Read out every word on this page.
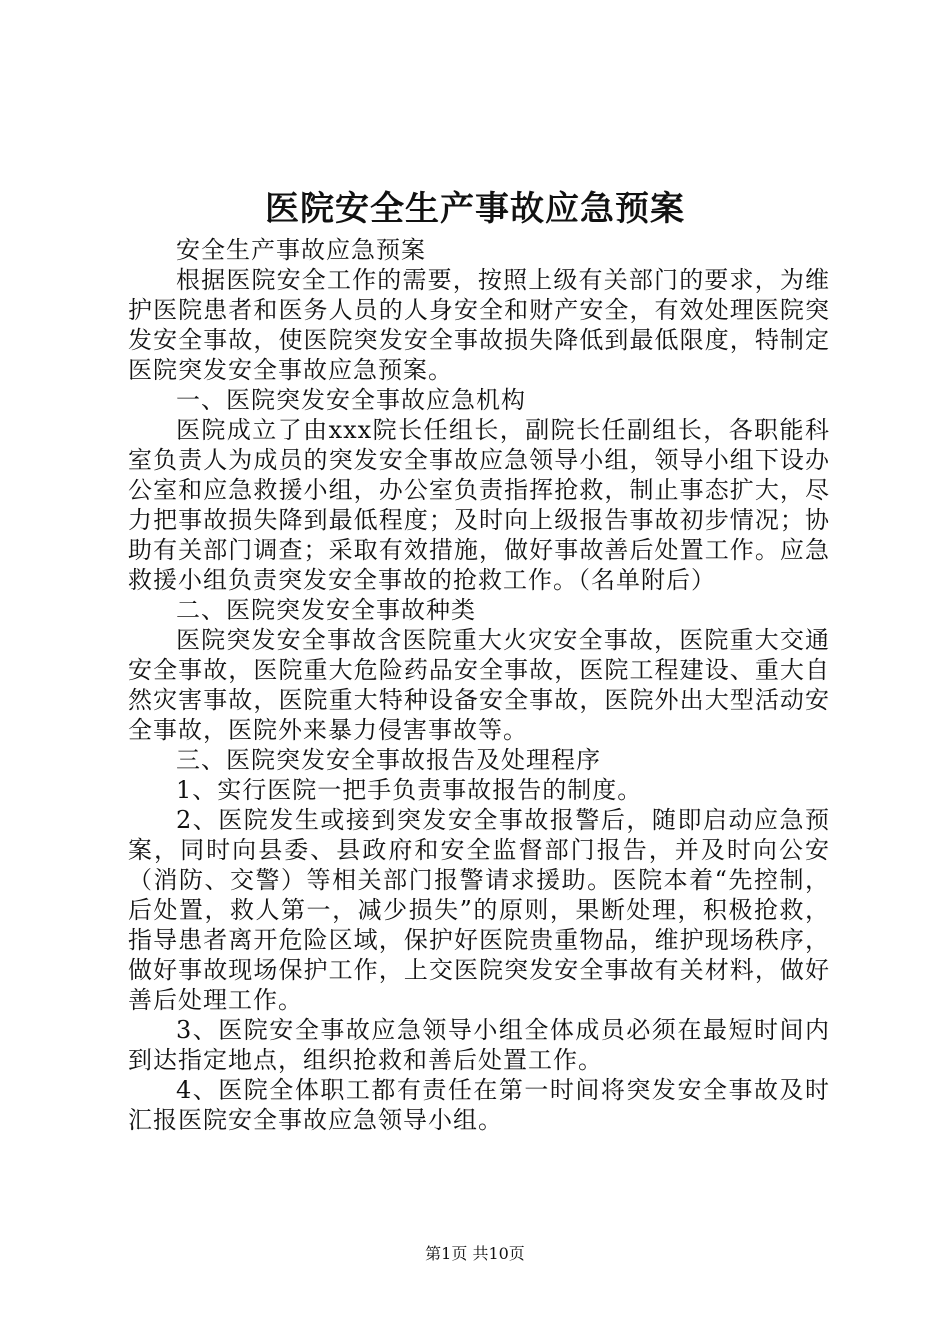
医院安全生产事故应急预案

安全生产事故应急预案

根据医院安全工作的需要，按照上级有关部门的要求，为维护医院患者和医务人员的人身安全和财产安全，有效处理医院突发安全事故，使医院突发安全事故损失降低到最低限度，特制定医院突发安全事故应急预案。

一、医院突发安全事故应急机构

医院成立了由xxx院长任组长，副院长任副组长，各职能科室负责人为成员的突发安全事故应急领导小组，领导小组下设办公室和应急救援小组，办公室负责指挥抢救，制止事态扩大，尽力把事故损失降到最低程度；及时向上级报告事故初步情况；协助有关部门调查；采取有效措施，做好事故善后处置工作。应急救援小组负责突发安全事故的抢救工作。（名单附后）

二、医院突发安全事故种类

医院突发安全事故含医院重大火灾安全事故，医院重大交通安全事故，医院重大危险药品安全事故，医院工程建设、重大自然灾害事故，医院重大特种设备安全事故，医院外出大型活动安全事故，医院外来暴力侵害事故等。

三、医院突发安全事故报告及处理程序

1、实行医院一把手负责事故报告的制度。

2、医院发生或接到突发安全事故报警后，随即启动应急预案，同时向县委、县政府和安全监督部门报告，并及时向公安（消防、交警）等相关部门报警请求援助。医院本着“先控制，后处置，救人第一，减少损失”的原则，果断处理，积极抢救，指导患者离开危险区域，保护好医院贵重物品，维护现场秩序，做好事故现场保护工作，上交医院突发安全事故有关材料，做好善后处理工作。

3、医院安全事故应急领导小组全体成员必须在最短时间内到达指定地点，组织抢救和善后处置工作。

4、医院全体职工都有责任在第一时间将突发安全事故及时汇报医院安全事故应急领导小组。

第1页 共10页
